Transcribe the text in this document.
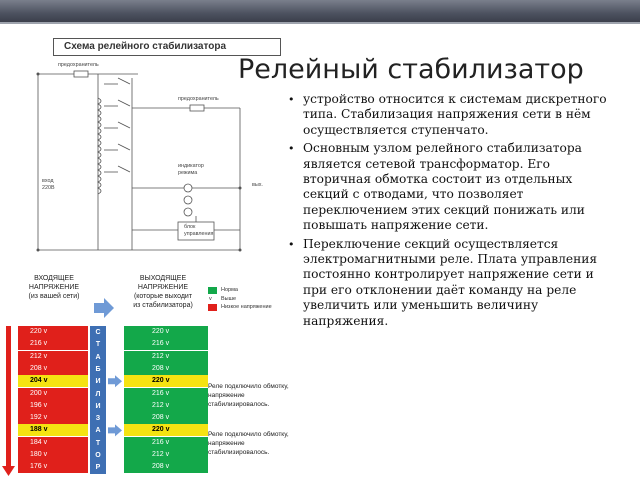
Схема релейного стабилизатора
предохранитель
предохранитель
вход
220В	вых.
индикатор
режима
блок
управления
Релейный стабилизатор
• устройство относится к системам дискретного типа. Стабилизация напряжения сети в нём осуществляется ступенчато.
• Основным узлом релейного стабилизатора является сетевой трансформатор. Его вторичная обмотка состоит из отдельных секций с отводами, что позволяет переключением этих секций понижать или повышать напряжение сети.
• Переключение секций осуществляется электромагнитными реле. Плата управления постоянно контролирует напряжение сети и при его отклонении даёт команду на реле увеличить или уменьшить величину напряжения.
ВХОДЯЩЕЕ
НАПРЯЖЕНИЕ
(из вашей сети)
ВЫХОДЯЩЕЕ
НАПРЯЖЕНИЕ
(которые выходит
из стабилизатора)
220 v
216 v
212 v
208 v
204 v
200 v
196 v
192 v
188 v
184 v
180 v
176 v
С
Т
А
Б
И
Л
И
З
А
Т
О
Р
220 v
216 v
212 v
208 v
220 v
216 v
212 v
208 v
220 v
216 v
212 v
208 v
Норма
v Выше
Низкое напряжение
Реле подключило обмотку, напряжение стабилизировалось.
Реле подключило обмотку, напряжение стабилизировалось.
